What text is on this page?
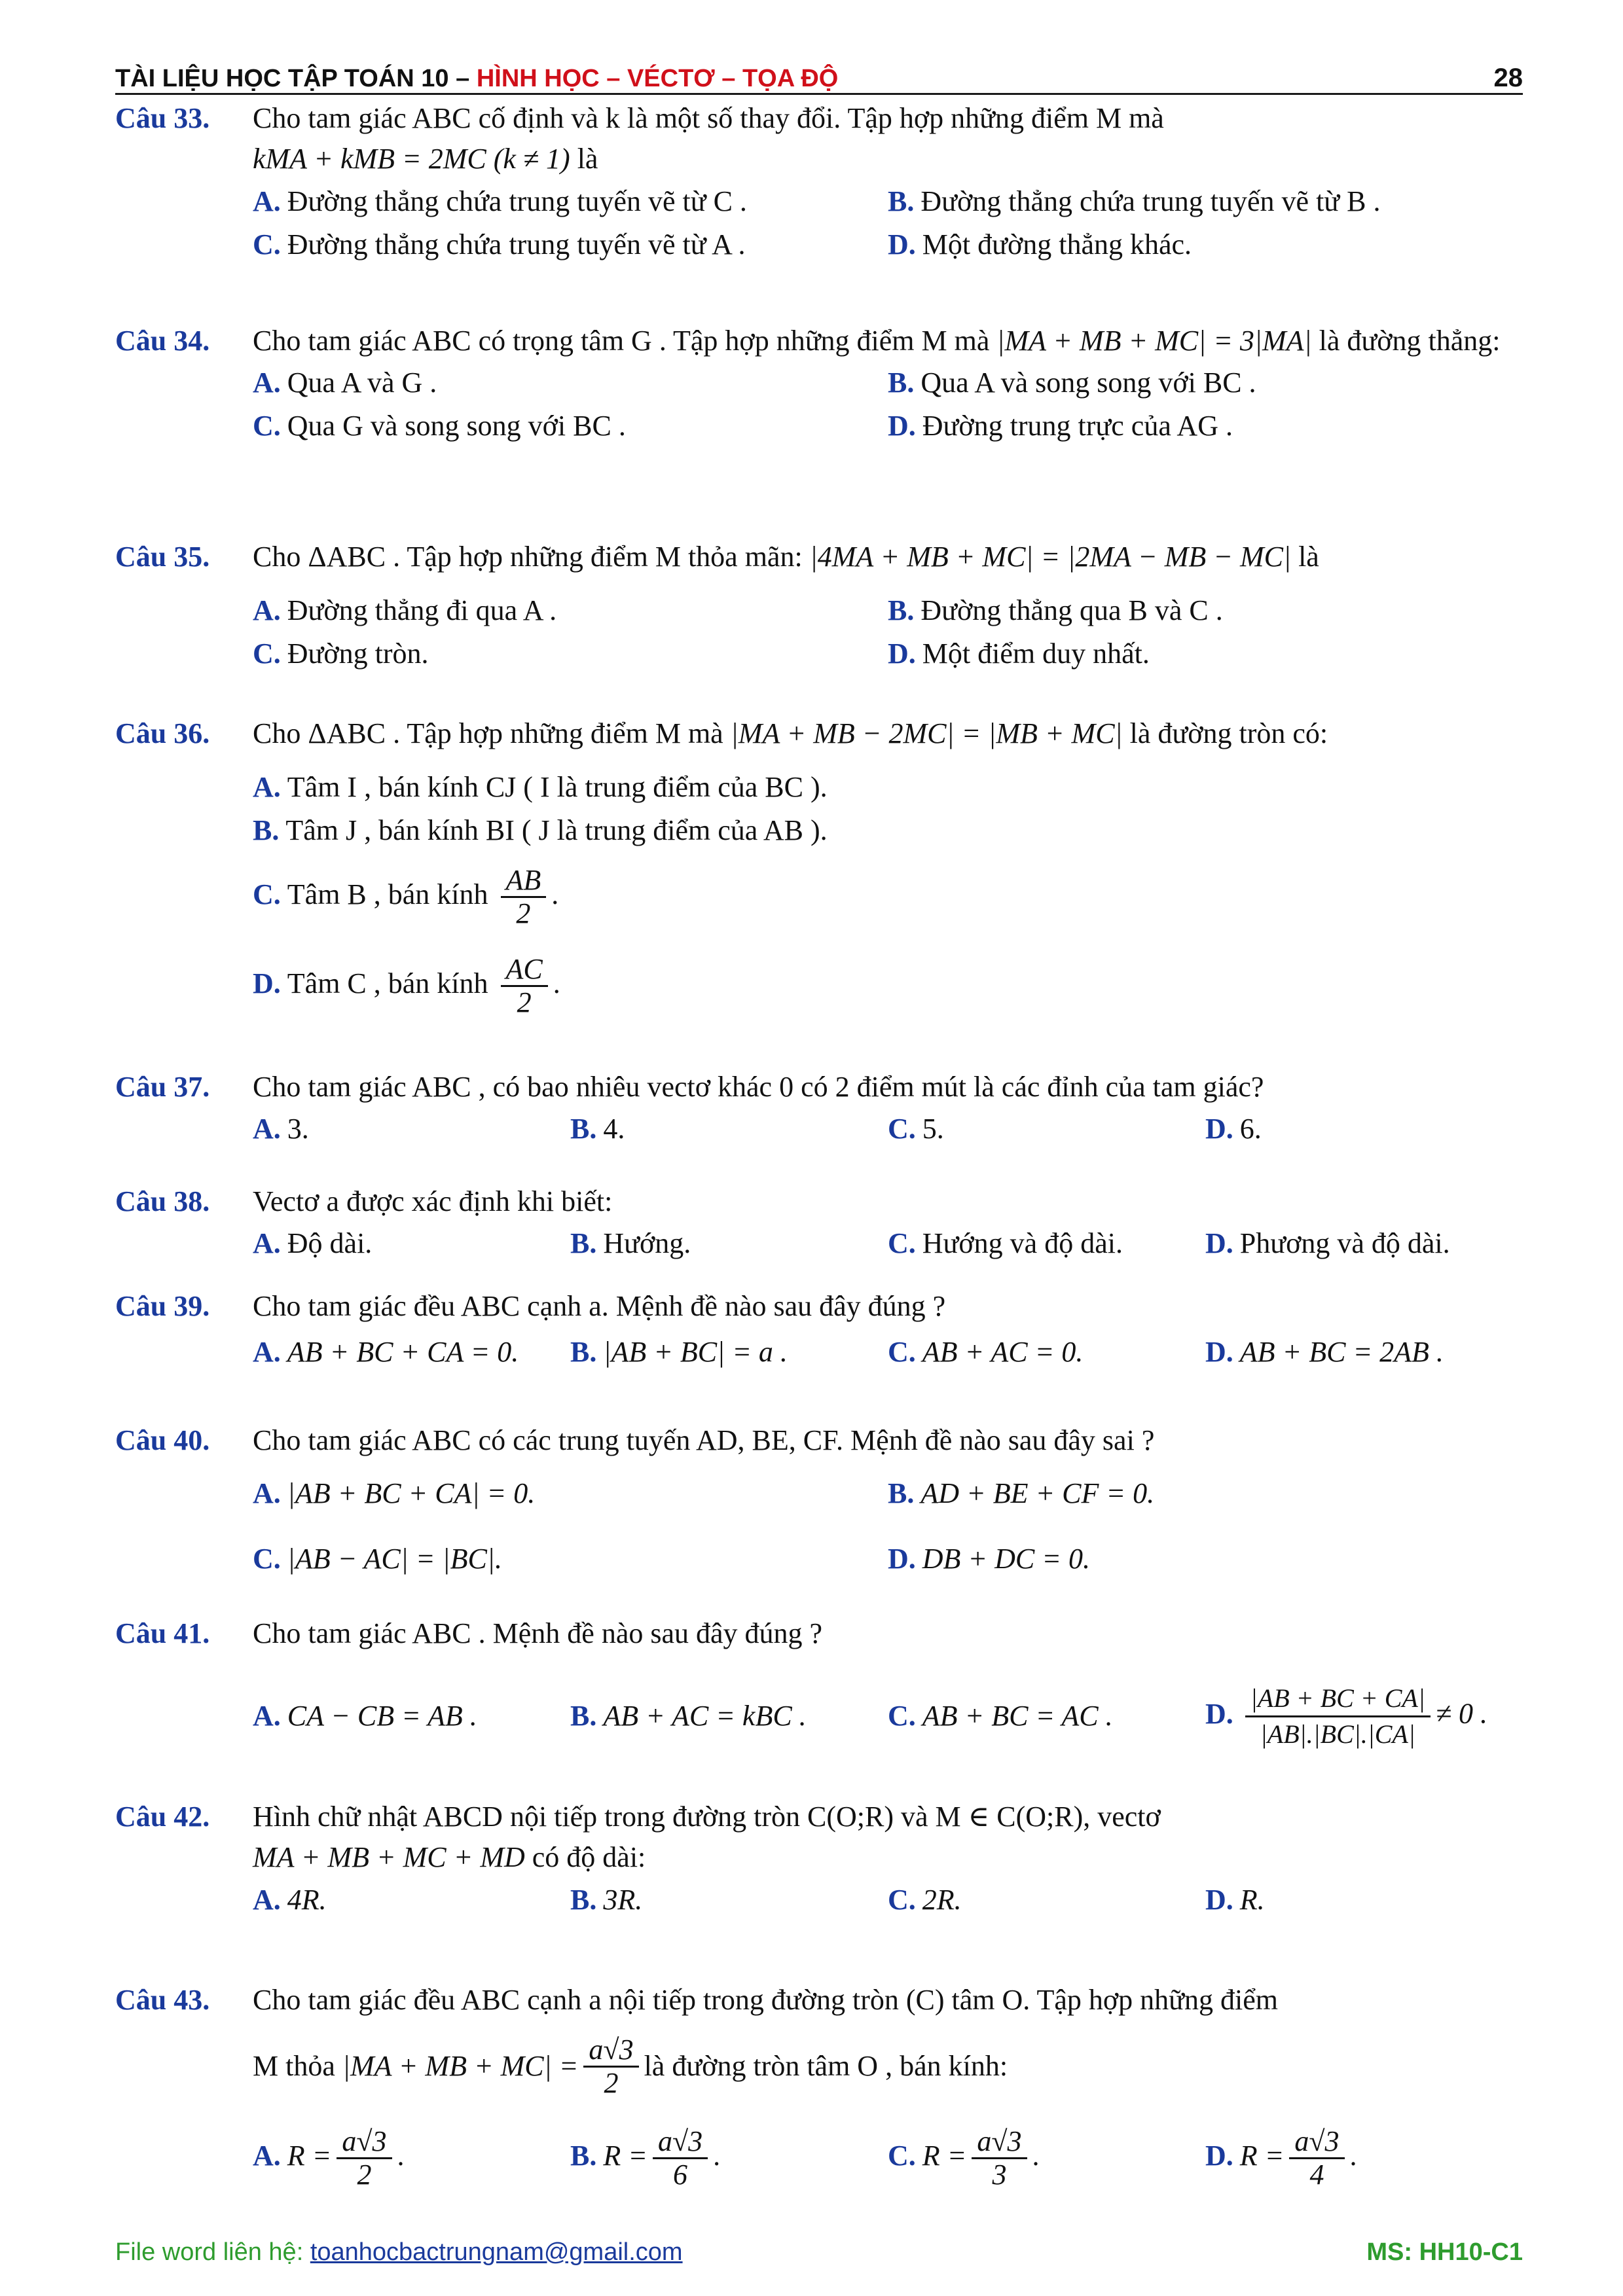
TÀI LIỆU HỌC TẬP TOÁN 10 – HÌNH HỌC – VÉCTƠ – TỌA ĐỘ	28
Câu 33. Cho tam giác ABC cố định và k là một số thay đổi. Tập hợp những điểm M mà
kMA + kMB = 2MC (k ≠ 1) là
A. Đường thẳng chứa trung tuyến vẽ từ C .	B. Đường thẳng chứa trung tuyến vẽ từ B .
C. Đường thẳng chứa trung tuyến vẽ từ A .	D. Một đường thẳng khác.
Câu 34. Cho tam giác ABC có trọng tâm G . Tập hợp những điểm M mà |MA + MB + MC| = 3|MA| là đường thẳng:
A. Qua A và G .	B. Qua A và song song với BC .
C. Qua G và song song với BC .	D. Đường trung trực của AG .
Câu 35. Cho ΔABC . Tập hợp những điểm M thỏa mãn: |4MA + MB + MC| = |2MA − MB − MC| là
A. Đường thẳng đi qua A .	B. Đường thẳng qua B và C .
C. Đường tròn.	D. Một điểm duy nhất.
Câu 36. Cho ΔABC . Tập hợp những điểm M mà |MA + MB − 2MC| = |MB + MC| là đường tròn có:
A. Tâm I , bán kính CJ ( I là trung điểm của BC ).
B. Tâm J , bán kính BI ( J là trung điểm của AB ).
C. Tâm B , bán kính $\frac{AB}{2}$ .
D. Tâm C , bán kính $\frac{AC}{2}$ .
Câu 37. Cho tam giác ABC , có bao nhiêu vectơ khác 0 có 2 điểm mút là các đỉnh của tam giác?
A. 3.	B. 4.	C. 5.	D. 6.
Câu 38. Vectơ a được xác định khi biết:
A. Độ dài.	B. Hướng.	C. Hướng và độ dài.	D. Phương và độ dài.
Câu 39. Cho tam giác đều ABC cạnh a. Mệnh đề nào sau đây đúng ?
A. AB + BC + CA = 0.	B. |AB + BC| = a .	C. AB + AC = 0.	D. AB + BC = 2AB .
Câu 40. Cho tam giác ABC có các trung tuyến AD, BE, CF. Mệnh đề nào sau đây sai ?
A. |AB + BC + CA| = 0.	B. AD + BE + CF = 0.
C. |AB − AC| = |BC|.	D. DB + DC = 0.
Câu 41. Cho tam giác ABC . Mệnh đề nào sau đây đúng ?
A. CA − CB = AB .	B. AB + AC = kBC .	C. AB + BC = AC .	D. $\frac{|AB + BC + CA|}{|AB|.|BC|.|CA|} \ne 0$ .
Câu 42. Hình chữ nhật ABCD nội tiếp trong đường tròn C(O;R) và M ∈ C(O;R), vectơ
MA + MB + MC + MD có độ dài:
A. 4R.	B. 3R.	C. 2R.	D. R.
Câu 43. Cho tam giác đều ABC cạnh a nội tiếp trong đường tròn (C) tâm O. Tập hợp những điểm
M thỏa
|MA + MB + $MC| = \frac{a√3}{2}$ là đường tròn tâm O , bán kính:
A. $R = \frac{a√3}{2}$ .	B. $R = \frac{a√3}{6}$ .	C. $R = \frac{a√3}{3}$ .	D. $R = \frac{a√3}{4}$ .
File word liên hệ: toanhocbactrungnam@gmail.com	MS: HH10-C1
